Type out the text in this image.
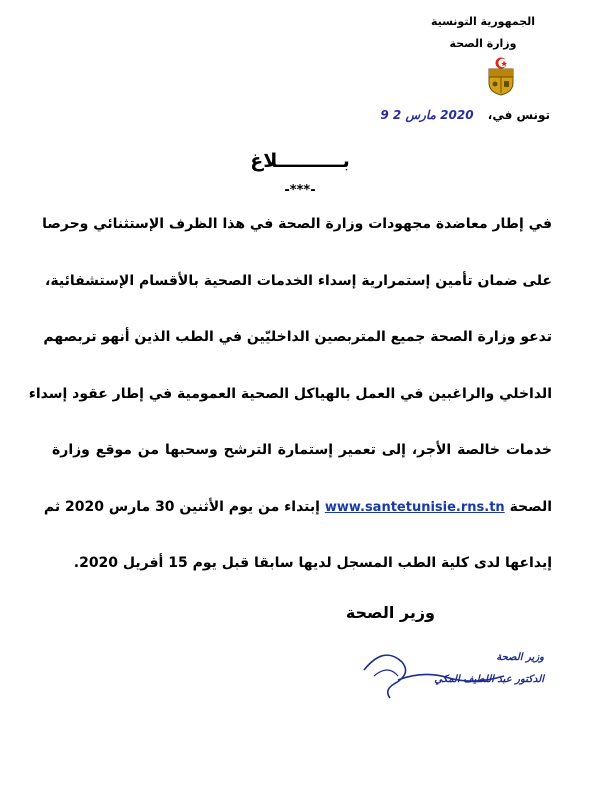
الجمهورية التونسية
وزارة الصحة
تونس في، 2020 مارس 2 9
بــــــــــلاغ
-***-
في إطار معاضدة مجهودات وزارة الصحة في هذا الظرف الإستثنائي وحرصا
على ضمان تأمين إستمرارية إسداء الخدمات الصحية بالأقسام الإستشفائية،
تدعو وزارة الصحة جميع المتربصين الداخليّين في الطب الذين أنهو تربصهم
الداخلي والراغبين في العمل بالهياكل الصحية العمومية في إطار عقود إسداء
خدمات خالصة الأجر، إلى تعمير إستمارة الترشح وسحبها من موقع وزارة
الصحة www.santetunisie.rns.tn إبتداء من يوم الأثنين 30 مارس 2020 ثم
إيداعها لدى كلية الطب المسجل لديها سابقا قبل يوم 15 أفريل 2020.
وزير الصحة
وزير الصحة
الدكتور عبد اللطيف المكي
